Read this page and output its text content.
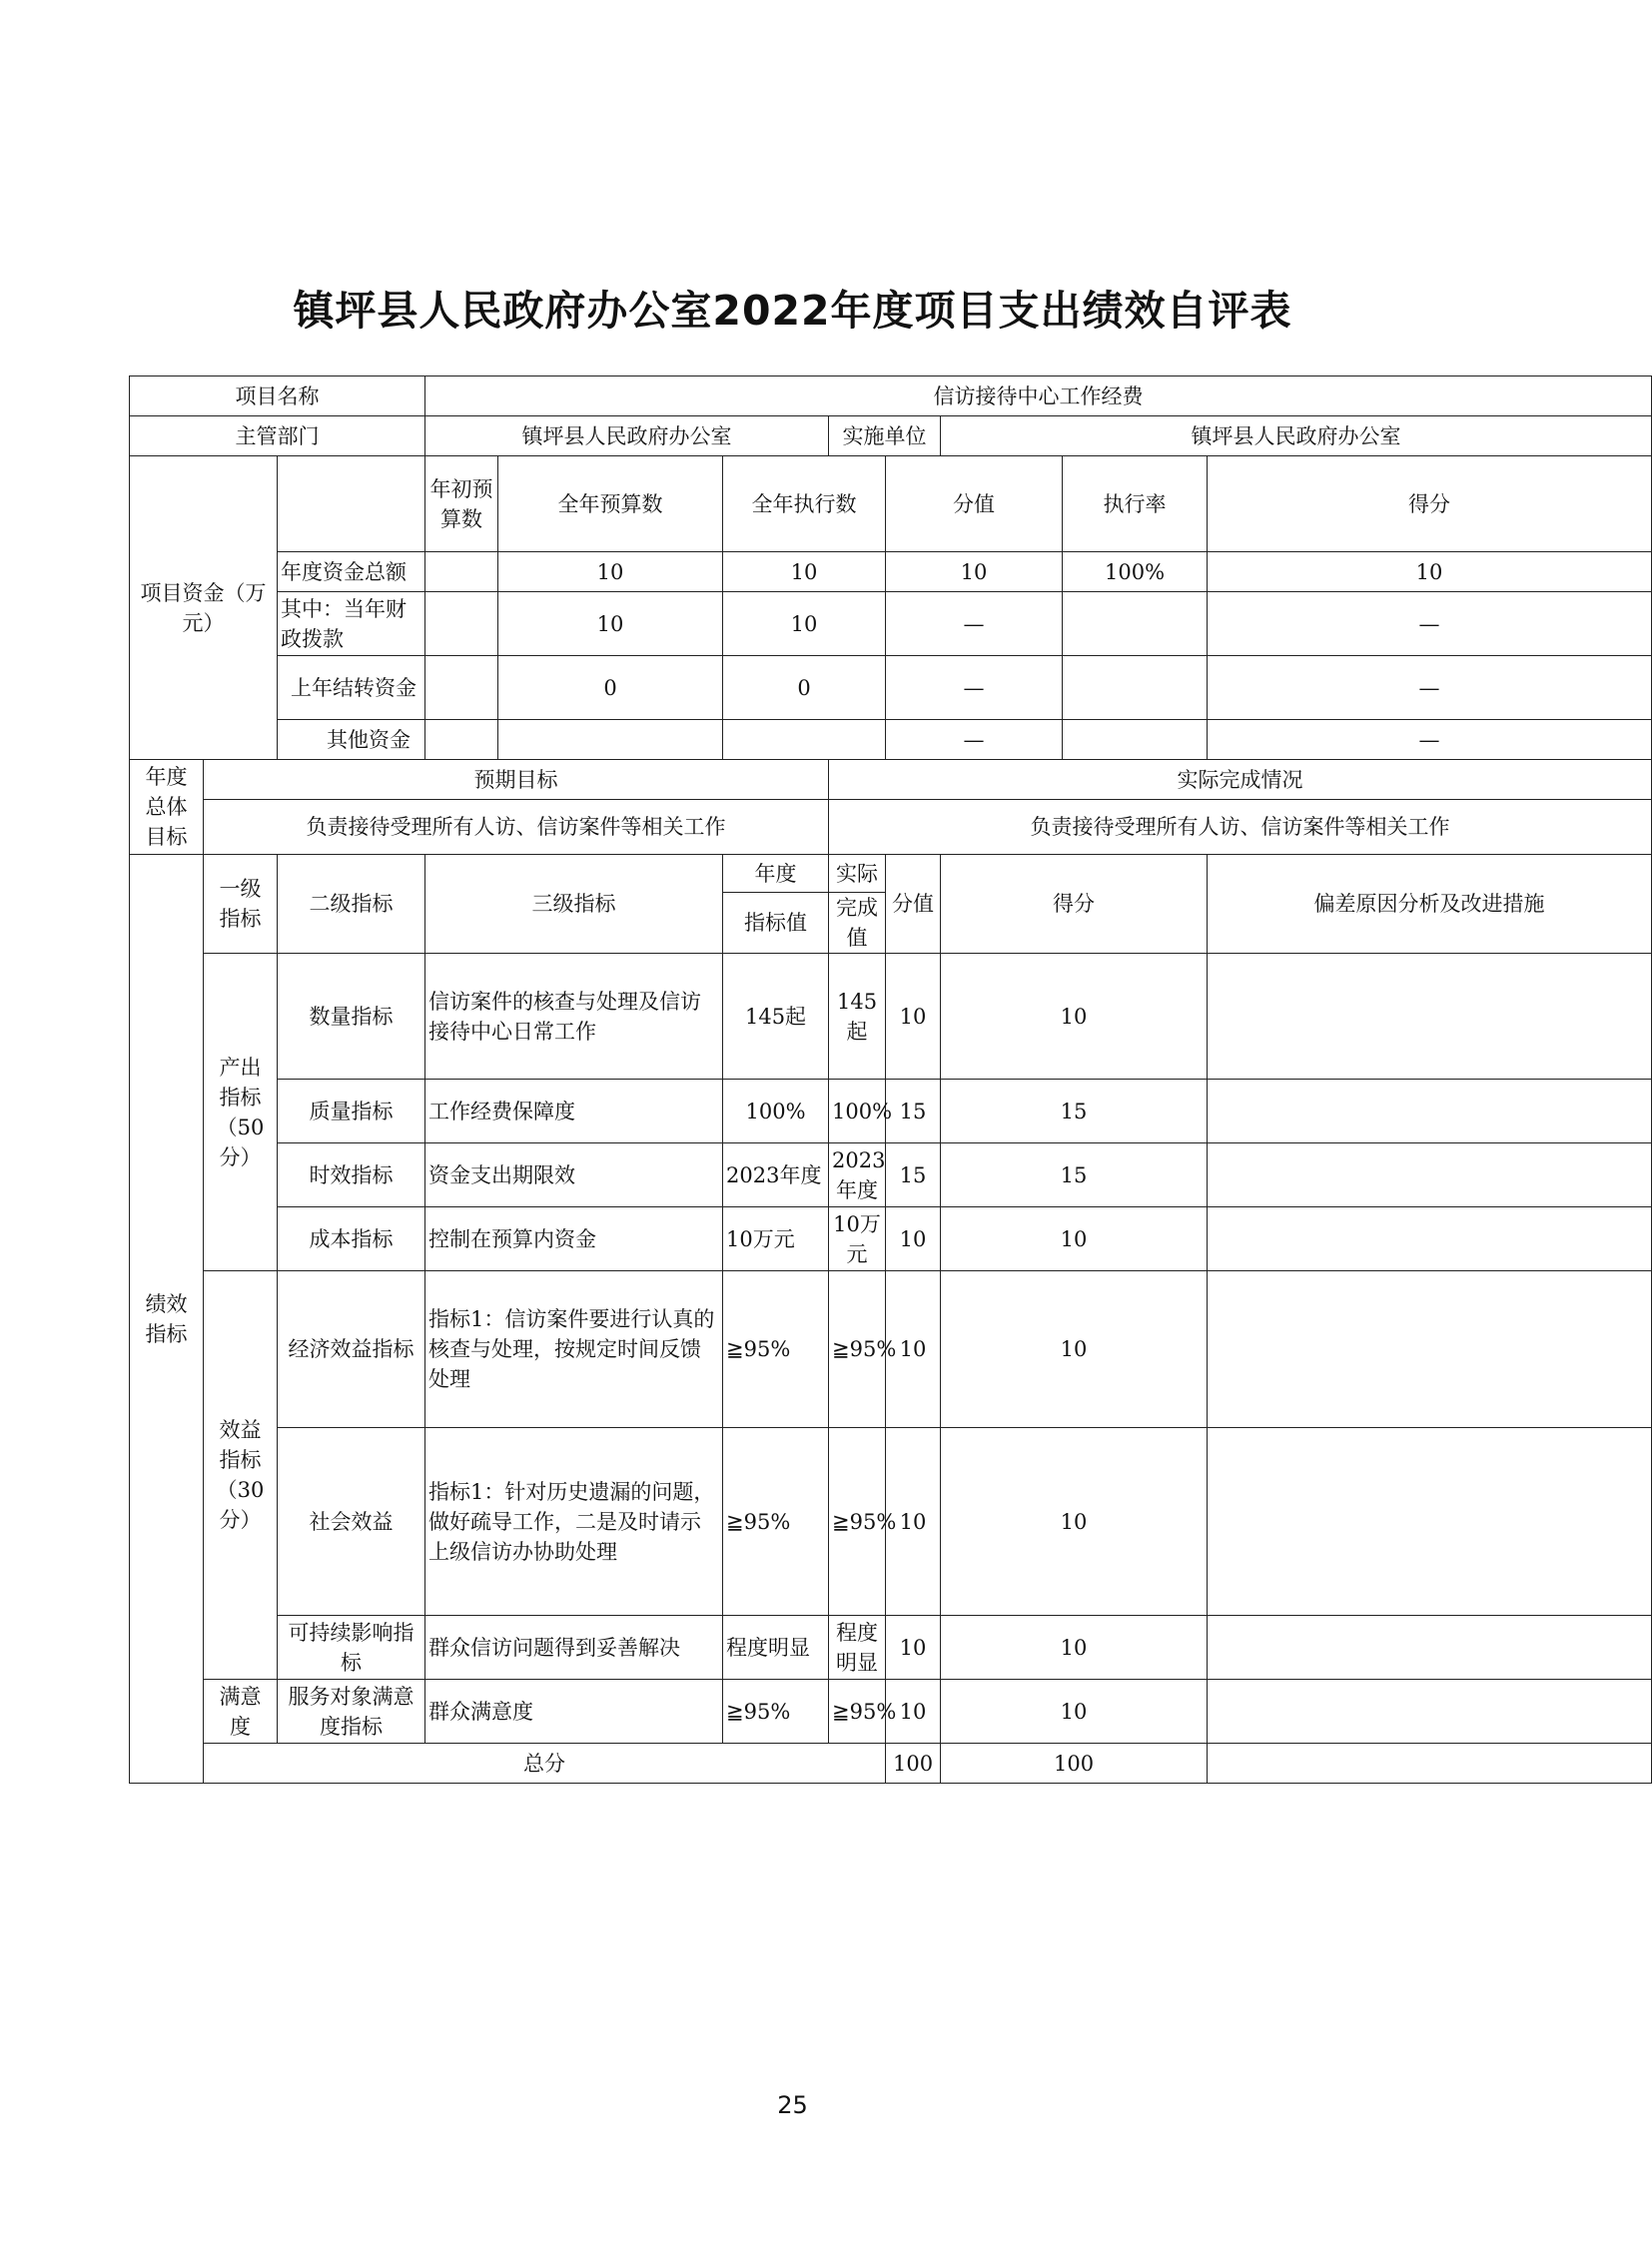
镇坪县人民政府办公室2022年度项目支出绩效自评表
项目名称			信访接待中心工作经费							
主管部门			镇坪县人民政府办公室			实施单位		镇坪县人民政府办公室		
项目资金（万元）			年初预算数	全年预算数	全年执行数		分值		执行率	得分
		年度资金总额		10	10		10		100%	10
		其中：当年财政拨款		10	10		—			—
		上年结转资金		0	0		—			—
		其他资金					—			—
年度总体目标	预期目标					实际完成情况				
	负责接待受理所有人访、信访案件等相关工作					负责接待受理所有人访、信访案件等相关工作				
绩效指标	一级指标	二级指标	三级指标		年度	实际	分值	得分		偏差原因分析及改进措施
					指标值	完成值				
	产出指标（50分）	数量指标	信访案件的核查与处理及信访接待中心日常工作		145起	145起	10	10		
		质量指标	工作经费保障度		100%	100%	15	15		
		时效指标	资金支出期限效		2023年度	2023年度	15	15		
		成本指标	控制在预算内资金		10万元	10万元	10	10		
	效益指标（30分）	经济效益指标	指标1：信访案件要进行认真的核查与处理，按规定时间反馈处理		≧95%	≧95%	10	10		
		社会效益	指标1：针对历史遗漏的问题，做好疏导工作，二是及时请示上级信访办协助处理		≧95%	≧95%	10	10		
		可持续影响指标	群众信访问题得到妥善解决		程度明显	程度明显	10	10		
	满意度	服务对象满意度指标	群众满意度		≧95%	≧95%	10	10		
	总分						100	100		
25
